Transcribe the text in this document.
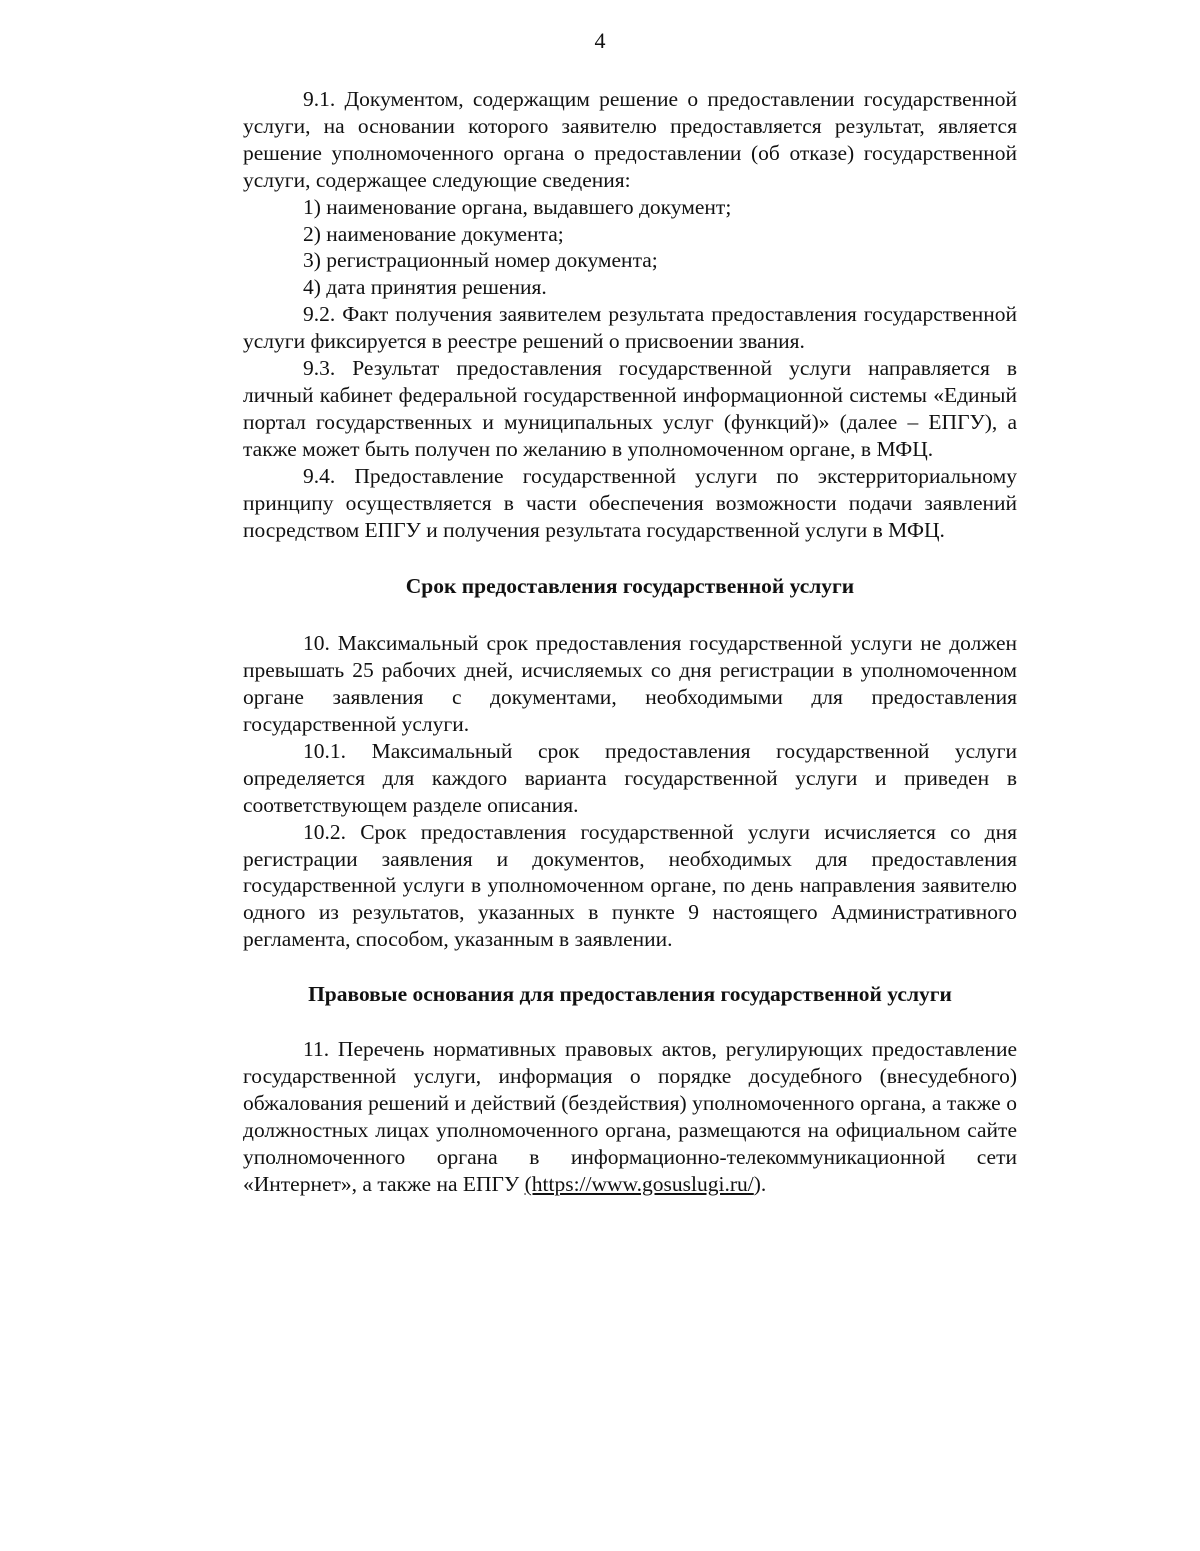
4

9.1. Документом, содержащим решение о предоставлении государственной услуги, на основании которого заявителю предоставляется результат, является решение уполномоченного органа о предоставлении (об отказе) государственной услуги, содержащее следующие сведения:

1) наименование органа, выдавшего документ;

2) наименование документа;

3) регистрационный номер документа;

4) дата принятия решения.

9.2. Факт получения заявителем результата предоставления государственной услуги фиксируется в реестре решений о присвоении звания.

9.3. Результат предоставления государственной услуги направляется в личный кабинет федеральной государственной информационной системы «Единый портал государственных и муниципальных услуг (функций)» (далее – ЕПГУ), а также может быть получен по желанию в уполномоченном органе, в МФЦ.

9.4. Предоставление государственной услуги по экстерриториальному принципу осуществляется в части обеспечения возможности подачи заявлений посредством ЕПГУ и получения результата государственной услуги в МФЦ.

Срок предоставления государственной услуги

10. Максимальный срок предоставления государственной услуги не должен превышать 25 рабочих дней, исчисляемых со дня регистрации в уполномоченном органе заявления с документами, необходимыми для предоставления государственной услуги.

10.1. Максимальный срок предоставления государственной услуги определяется для каждого варианта государственной услуги и приведен в соответствующем разделе описания.

10.2. Срок предоставления государственной услуги исчисляется со дня регистрации заявления и документов, необходимых для предоставления государственной услуги в уполномоченном органе, по день направления заявителю одного из результатов, указанных в пункте 9 настоящего Административного регламента, способом, указанным в заявлении.

Правовые основания для предоставления государственной услуги

11. Перечень нормативных правовых актов, регулирующих предоставление государственной услуги, информация о порядке досудебного (внесудебного) обжалования решений и действий (бездействия) уполномоченного органа, а также о должностных лицах уполномоченного органа, размещаются на официальном сайте уполномоченного органа в информационно-телекоммуникационной сети «Интернет», а также на ЕПГУ (https://www.gosuslugi.ru/).
